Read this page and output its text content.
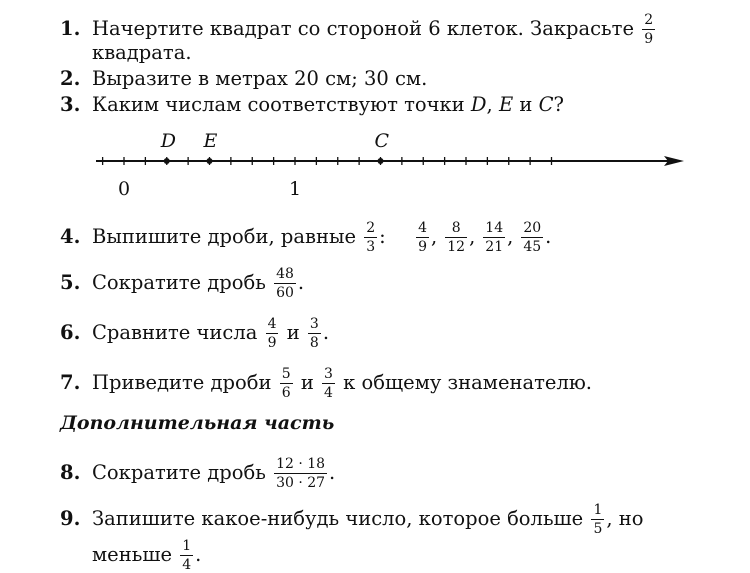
1. Начертите квадрат со стороной 6 клеток. Закрасьте $\frac{2}{9}$
квадрата.
2. Выразите в метрах 20 см; 30 см.
3. Каким числам соответствуют точки D, E и C?
D E	C
0	1
4. Выпишите дроби, равные $\frac{2}{3}$ : $\frac{4}{9}$ , $\frac{8}{12}$ , $\frac{14}{21}$ , $\frac{20}{45}$ .
5. Сократите дробь $\frac{48}{60}$ .
6. Сравните числа $\frac{4}{9}$ и $\frac{3}{8}$ .
7. Приведите дроби $\frac{5}{6}$ и $\frac{3}{4}$ к общему знаменателю.
Дополнительная часть
8. Сократите дробь $\frac{12 \cdot 18}{30 \cdot 27}$ .
9. Запишите какое-нибудь число, которое больше $\frac{1}{5}$ , но
меньше $\frac{1}{4}$ .
